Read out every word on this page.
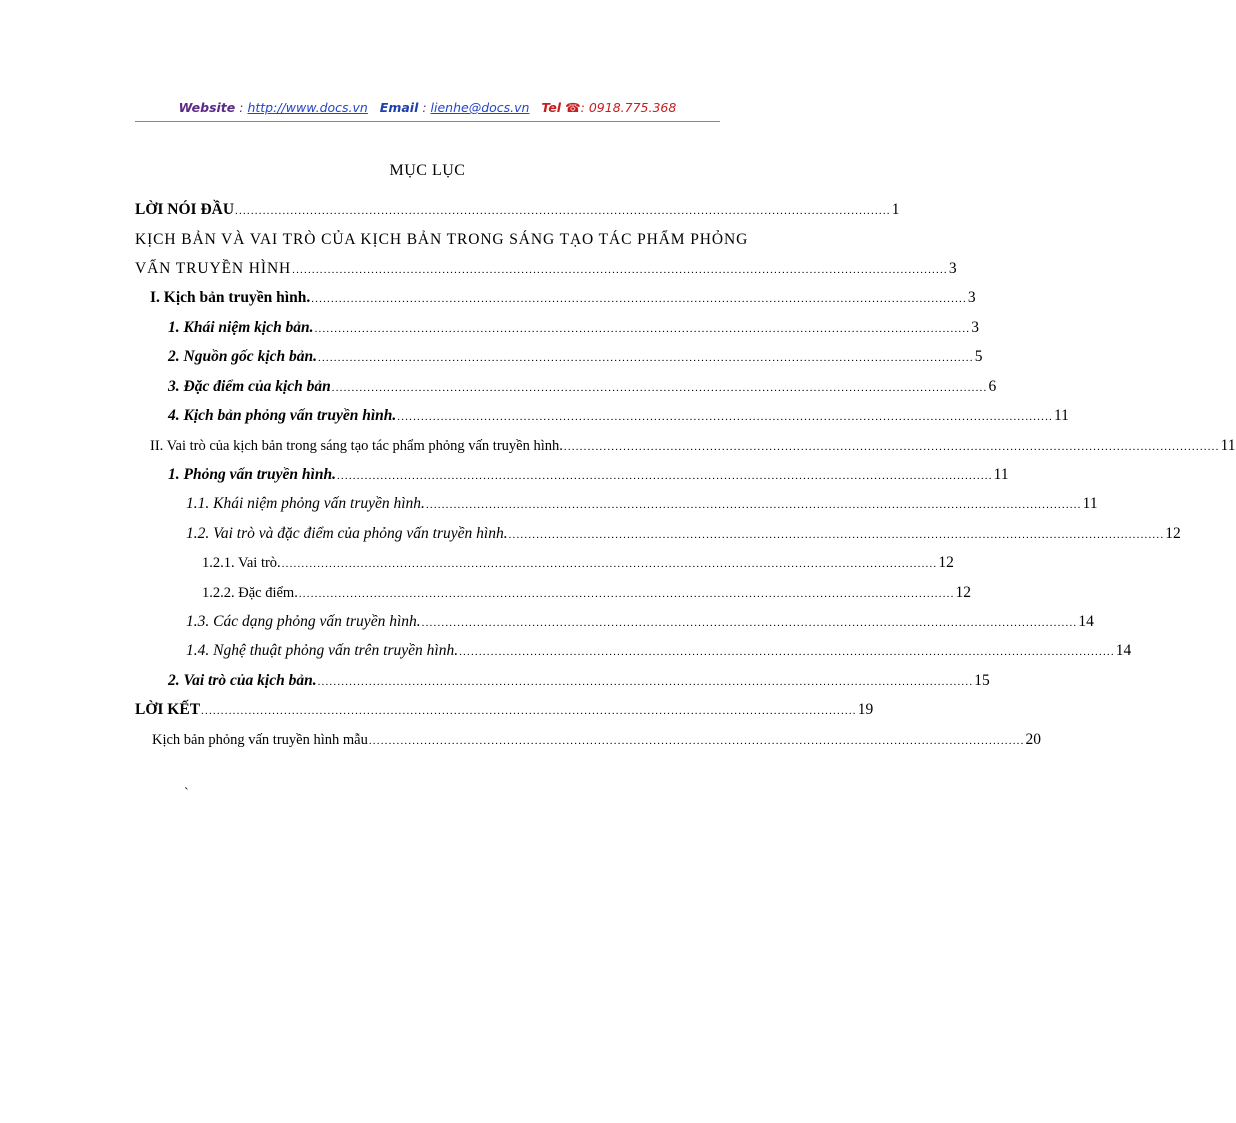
Website : http://www.docs.vn Email : lienhe@docs.vn Tel ☎: 0918.775.368
MỤC LỤC
LỜI NÓI ĐẦU ...................................................................................................................................................................... 1
KỊCH BẢN VÀ VAI TRÒ CỦA KỊCH BẢN TRONG SÁNG TẠO TÁC PHẨM PHỎNG
VẤN TRUYỀN HÌNH ...................................................................................................................................................................... 3
I. Kịch bản truyền hình. ...................................................................................................................................................................... 3
1. Khái niệm kịch bản. ...................................................................................................................................................................... 3
2. Nguồn gốc kịch bản. ...................................................................................................................................................................... 5
3. Đặc điểm của kịch bản ...................................................................................................................................................................... 6
4. Kịch bản phỏng vấn truyền hình. ...................................................................................................................................................................... 11
II. Vai trò của kịch bản trong sáng tạo tác phẩm phỏng vấn truyền hình. ...................................................................................................................................................................... 11
1. Phỏng vấn truyền hình. ...................................................................................................................................................................... 11
1.1. Khái niệm phỏng vấn truyền hình. ...................................................................................................................................................................... 11
1.2. Vai trò và đặc điểm của phỏng vấn truyền hình. ...................................................................................................................................................................... 12
1.2.1. Vai trò. ...................................................................................................................................................................... 12
1.2.2. Đặc điểm. ...................................................................................................................................................................... 12
1.3. Các dạng phỏng vấn truyền hình. ...................................................................................................................................................................... 14
1.4. Nghệ thuật phỏng vấn trên truyền hình. ...................................................................................................................................................................... 14
2. Vai trò của kịch bản. ...................................................................................................................................................................... 15
LỜI KẾT ...................................................................................................................................................................... 19
Kịch bản phỏng vấn truyền hình mẫu ...................................................................................................................................................................... 20
`
